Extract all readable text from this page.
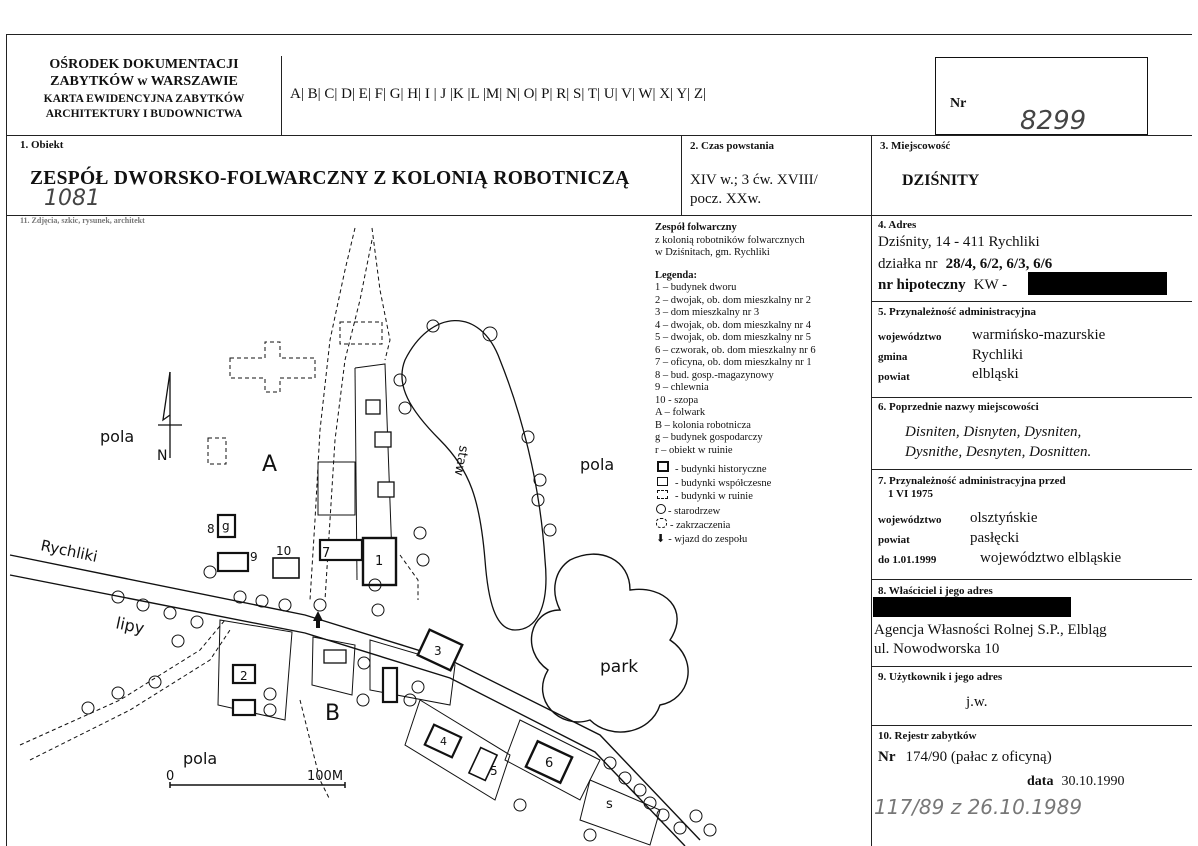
OŚRODEK DOKUMENTACJI
ZABYTKÓW w WARSZAWIE
KARTA EWIDENCYJNA ZABYTKÓW
ARCHITEKTURY I BUDOWNICTWA
A| B| C| D| E| F| G| H| I | J |K |L |M| N| O| P| R| S| T| U| V| W| X| Y| Z|
Nr
8299
1. Obiekt
ZESPÓŁ DWORSKO-FOLWARCZNY Z KOLONIĄ ROBOTNICZĄ
1081
11. Zdjęcia, szkic, rysunek, architekt
2. Czas powstania
XIV w.; 3 ćw. XVIII/
pocz. XXw.
3. Miejscowość
DZIŚNITY
4. Adres
Dziśnity, 14 - 411 Rychliki
działka nr 28/4, 6/2, 6/3, 6/6
nr hipoteczny KW -
5. Przynależność administracyjna
województwo warmińsko-mazurskie
gmina	Rychliki
powiat	elbląski
6. Poprzednie nazwy miejscowości
Disniten, Disnyten, Dysniten,
Dysnithe, Desnyten, Dosnitten.
7. Przynależność administracyjna przed
1 VI 1975
województwo olsztyńskie
powiat	pasłęcki
do 1.01.1999	województwo elbląskie
8. Właściciel i jego adres
Agencja Własności Rolnej S.P., Elbląg
ul. Nowodworska 10
9. Użytkownik i jego adres
j.w.
10. Rejestr zabytków
Nr 174/90 (pałac z oficyną)
data 30.10.1990
117/89 z 26.10.1989
pola
pola
pola
N	A
B
Rychliki
lipy
park
staw
0	100M
1
2
3
4
5	6
7
8
9 10
g
s
Zespół folwarczny
z kolonią robotników folwarcznych
w Dziśnitach, gm. Rychliki
Legenda:
1 – budynek dworu
2 – dwojak, ob. dom mieszkalny nr 2
3 – dom mieszkalny nr 3
4 – dwojak, ob. dom mieszkalny nr 4
5 – dwojak, ob. dom mieszkalny nr 5
6 – czworak, ob. dom mieszkalny nr 6
7 – oficyna, ob. dom mieszkalny nr 1
8 – bud. gosp.-magazynowy
9 – chlewnia
10 - szopa
A – folwark
B – kolonia robotnicza
g – budynek gospodarczy
r – obiekt w ruinie
- budynki historyczne
- budynki współczesne
- budynki w ruinie
- starodrzew
- zakrzaczenia
⬇ - wjazd do zespołu
